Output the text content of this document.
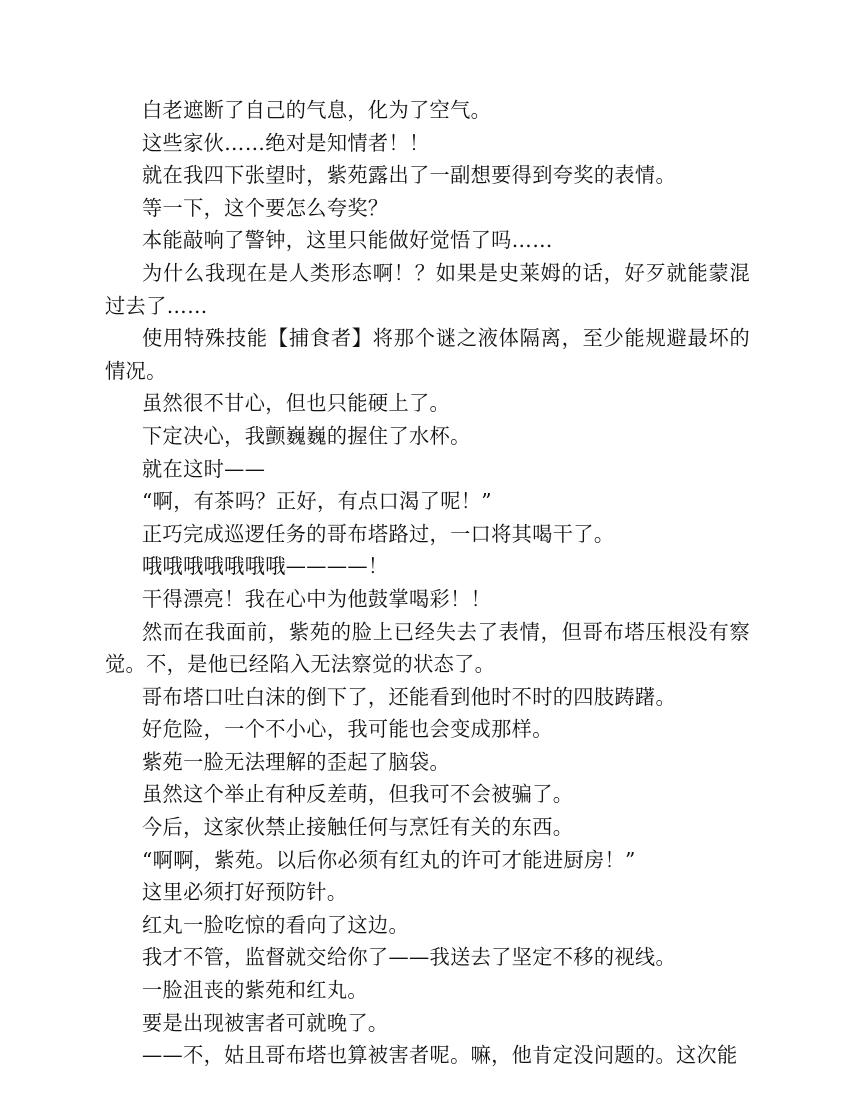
白老遮断了自己的气息，化为了空气。

这些家伙……绝对是知情者！！

就在我四下张望时，紫苑露出了一副想要得到夸奖的表情。

等一下，这个要怎么夸奖？

本能敲响了警钟，这里只能做好觉悟了吗……

为什么我现在是人类形态啊！？如果是史莱姆的话，好歹就能蒙混过去了……

使用特殊技能【捕食者】将那个谜之液体隔离，至少能规避最坏的情况。

虽然很不甘心，但也只能硬上了。

下定决心，我颤巍巍的握住了水杯。

就在这时——

“啊，有茶吗？正好，有点口渴了呢！”

正巧完成巡逻任务的哥布塔路过，一口将其喝干了。

哦哦哦哦哦哦哦————！

干得漂亮！我在心中为他鼓掌喝彩！！

然而在我面前，紫苑的脸上已经失去了表情，但哥布塔压根没有察觉。不，是他已经陷入无法察觉的状态了。

哥布塔口吐白沫的倒下了，还能看到他时不时的四肢踌躇。

好危险，一个不小心，我可能也会变成那样。

紫苑一脸无法理解的歪起了脑袋。

虽然这个举止有种反差萌，但我可不会被骗了。

今后，这家伙禁止接触任何与烹饪有关的东西。

“啊啊，紫苑。以后你必须有红丸的许可才能进厨房！”

这里必须打好预防针。

红丸一脸吃惊的看向了这边。

我才不管，监督就交给你了——我送去了坚定不移的视线。

一脸沮丧的紫苑和红丸。

要是出现被害者可就晚了。

——不，姑且哥布塔也算被害者呢。嘛，他肯定没问题的。这次能
